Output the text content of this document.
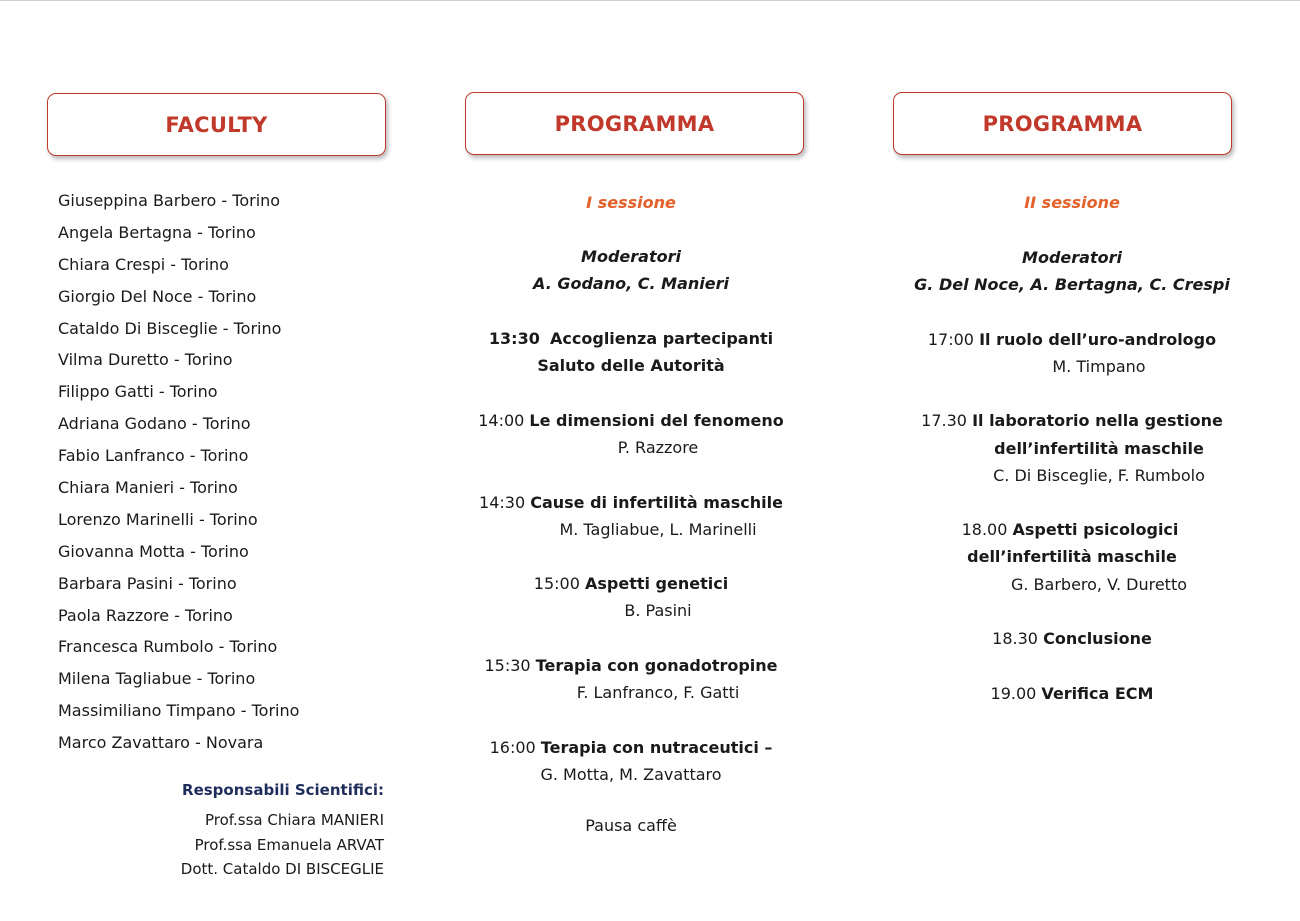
FACULTY	PROGRAMMA	PROGRAMMA
Giuseppina Barbero - Torino
Angela Bertagna - Torino
Chiara Crespi - Torino
Giorgio Del Noce - Torino
Cataldo Di Bisceglie - Torino
Vilma Duretto - Torino
Filippo Gatti - Torino
Adriana Godano - Torino
Fabio Lanfranco - Torino
Chiara Manieri - Torino
Lorenzo Marinelli - Torino
Giovanna Motta - Torino
Barbara Pasini - Torino
Paola Razzore - Torino
Francesca Rumbolo - Torino
Milena Tagliabue - Torino
Massimiliano Timpano - Torino
Marco Zavattaro - Novara
Responsabili Scientifici:
Prof.ssa Chiara MANIERI
Prof.ssa Emanuela ARVAT
Dott. Cataldo DI BISCEGLIE
I sessione
Moderatori
A. Godano, C. Manieri
13:30 Accoglienza partecipanti
Saluto delle Autorità
14:00 Le dimensioni del fenomeno
P. Razzore
14:30 Cause di infertilità maschile
M. Tagliabue, L. Marinelli
15:00 Aspetti genetici
B. Pasini
15:30 Terapia con gonadotropine
F. Lanfranco, F. Gatti
16:00 Terapia con nutraceutici –
G. Motta, M. Zavattaro
Pausa caffè
II sessione
Moderatori
G. Del Noce, A. Bertagna, C. Crespi
17:00 Il ruolo dell’uro-andrologo
M. Timpano
17.30 Il laboratorio nella gestione
dell’infertilità maschile
C. Di Bisceglie, F. Rumbolo
18.00 Aspetti psicologici
dell’infertilità maschile
G. Barbero, V. Duretto
18.30 Conclusione
19.00 Verifica ECM
